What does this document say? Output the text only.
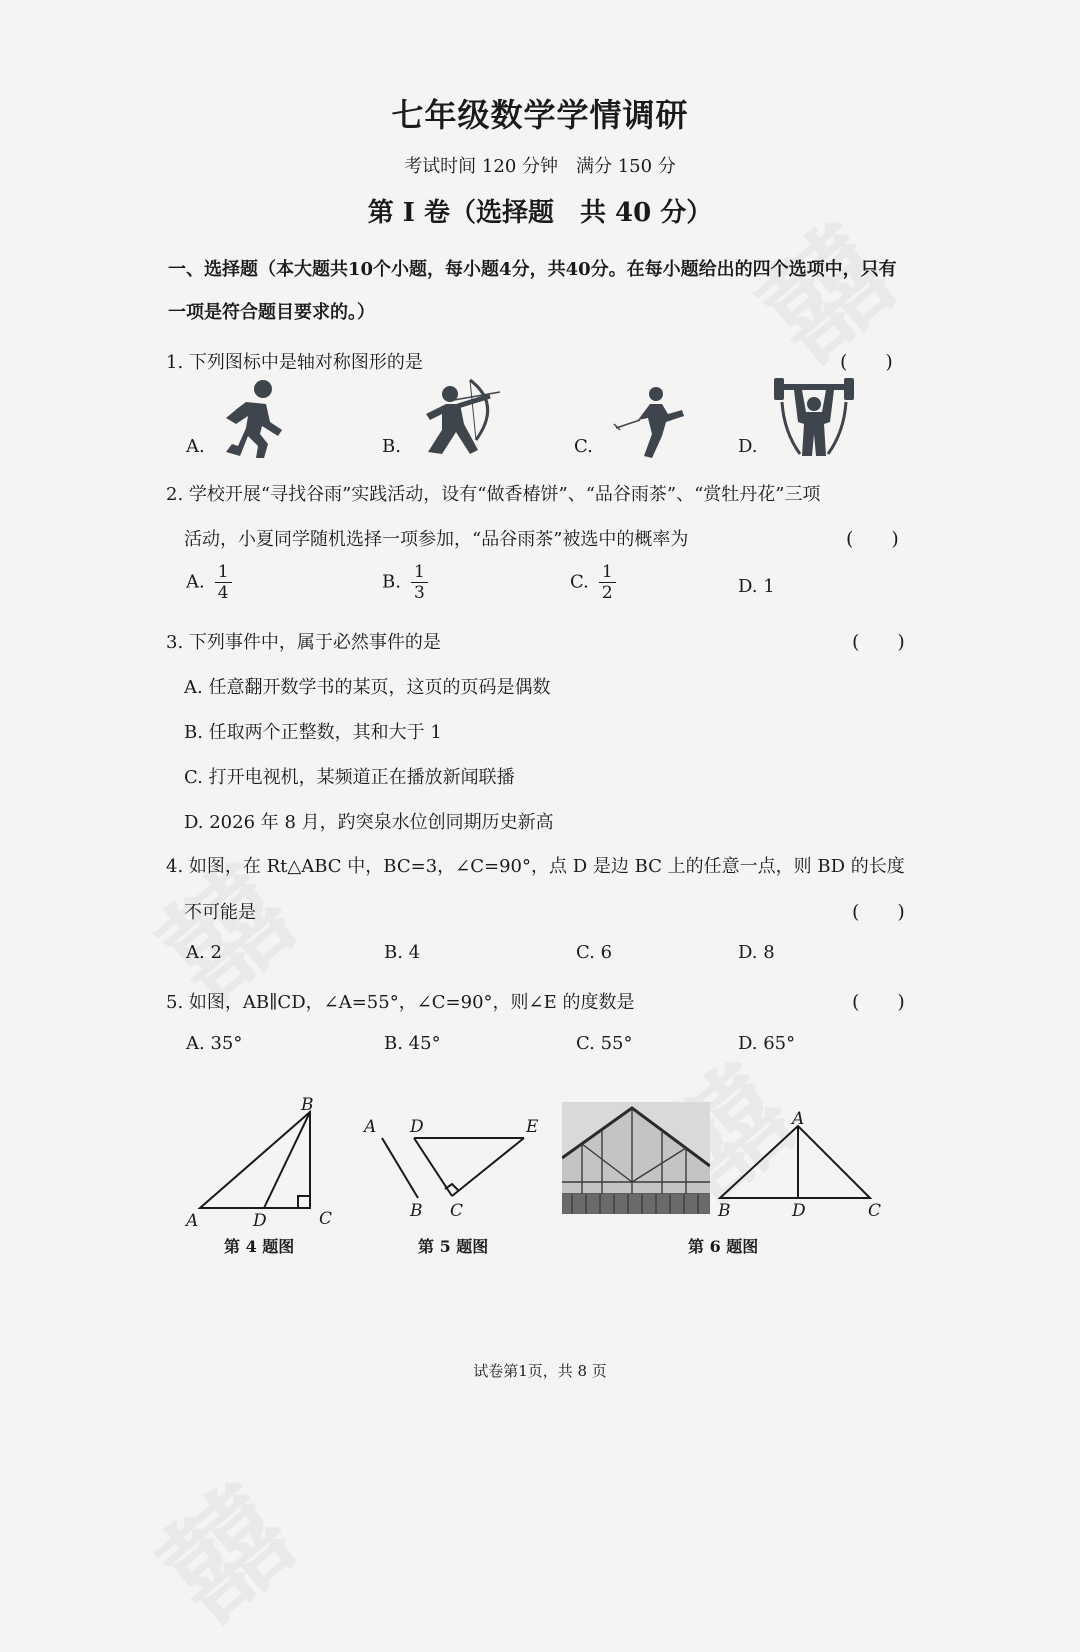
七年级数学学情调研
考试时间 120 分钟　满分 150 分
第 I 卷（选择题　共 40 分）
一、选择题（本大题共10个小题，每小题4分，共40分。在每小题给出的四个选项中，只有
一项是符合题目要求的。）
1. 下列图标中是轴对称图形的是	(　　)
A.	B.	C.	D.
2. 学校开展“寻找谷雨”实践活动，设有“做香椿饼”、“品谷雨茶”、“赏牡丹花”三项
活动，小夏同学随机选择一项参加，“品谷雨茶”被选中的概率为	(　　)
A. $\frac{1}{4}$	B. $\frac{1}{3}$	C. $\frac{1}{2}$	D. 1
3. 下列事件中，属于必然事件的是	(　　)
A. 任意翻开数学书的某页，这页的页码是偶数
B. 任取两个正整数，其和大于 1
C. 打开电视机，某频道正在播放新闻联播
D. 2026 年 8 月，趵突泉水位创同期历史新高
4. 如图，在 Rt△ABC 中，BC=3，∠C=90°，点 D 是边 BC 上的任意一点，则 BD 的长度
不可能是	(　　)
A. 2	B. 4	C. 6	D. 8
5. 如图，AB∥CD，∠A=55°，∠C=90°，则∠E 的度数是	(　　)
A. 35°	B. 45°	C. 55°	D. 65°
A
B
C
D
第 4 题图
A D	E
B C
第 5 题图
A
B	D	C
第 6 题图
试卷第1页，共 8 页
